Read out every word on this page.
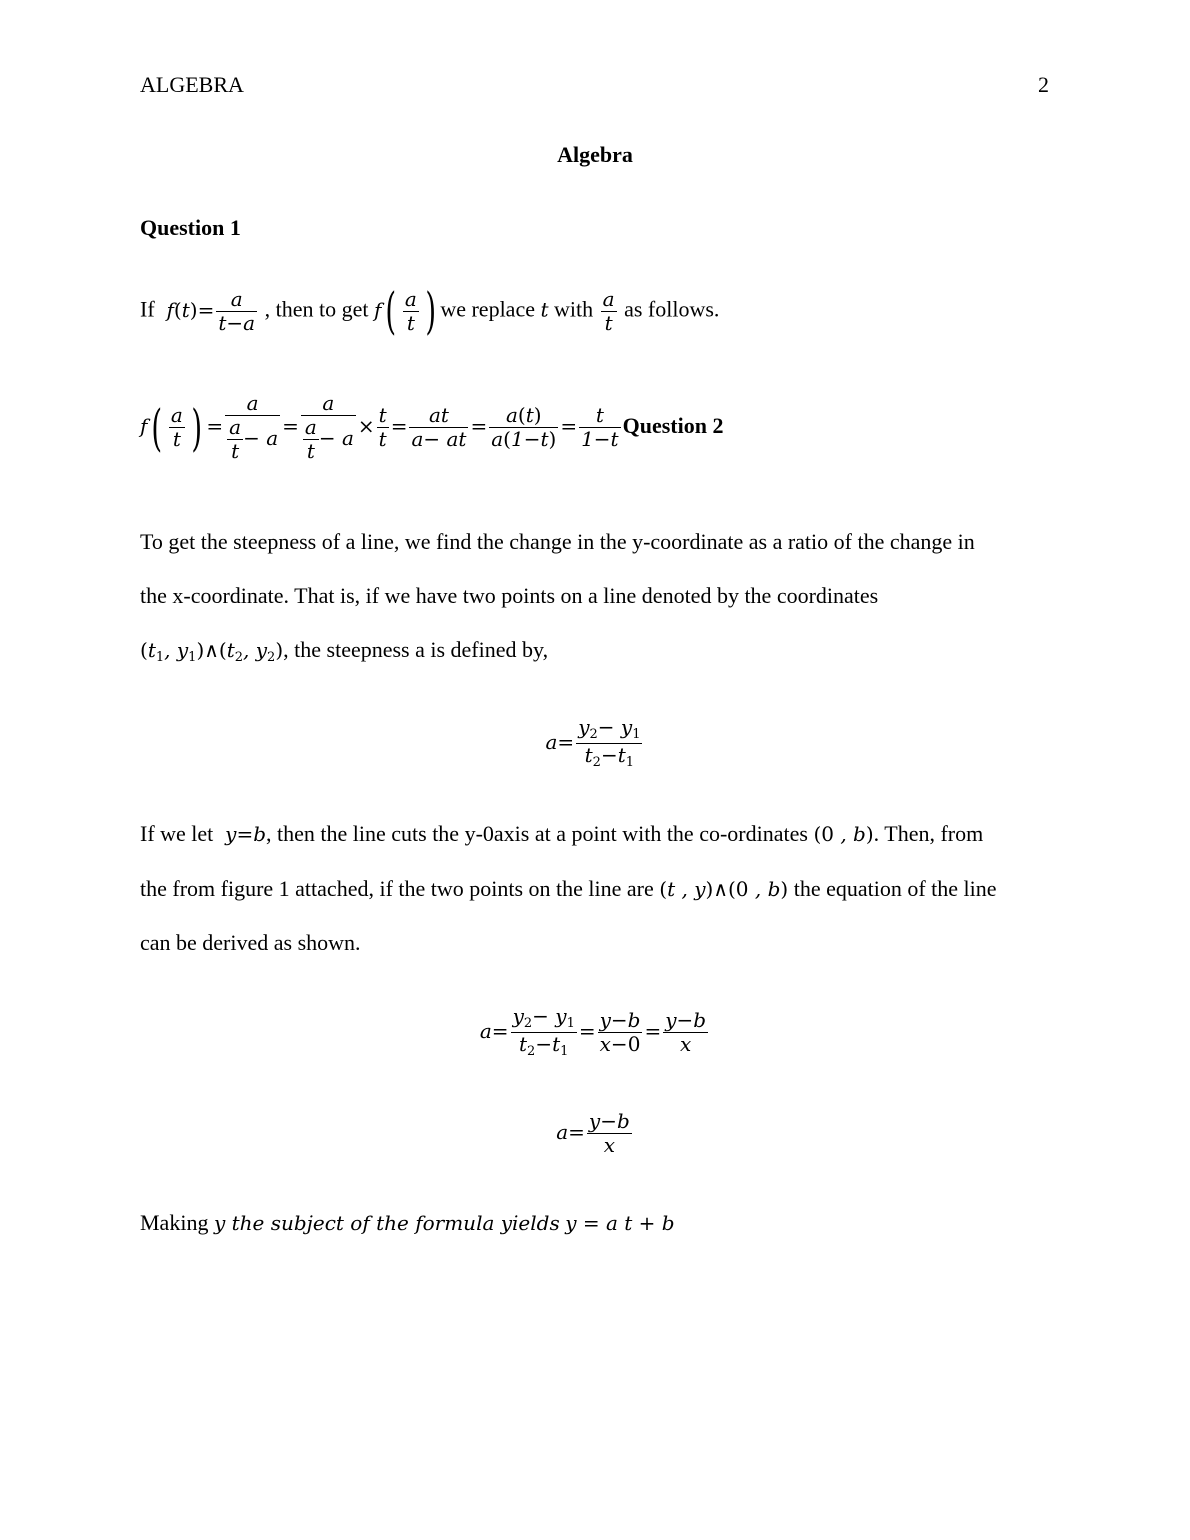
ALGEBRA	2
Algebra
Question 1
If  $f(t)= \frac{a}{t-a}$ , then to get $f( \frac{a}{t}$ ) we replace t with $\frac{a}{t}$ as follows.
$f( \frac{a}{t}$ ) = $\frac{a}{\frac{a}{t} - a} = \frac{a}{\frac{a}{t} - a} \times \frac{t}{t} = \frac{at}{a- at} = \frac{a(t)}{a(1-t)} = \frac{t}{1-t}$ Question 2
To get the steepness of a line, we find the change in the y-coordinate as a ratio of the change in
the x-coordinate. That is, if we have two points on a line denoted by the coordinates
($t_1$, $y_1)\wedge(t_2$, $y_2$), the steepness a is defined by,
$a= \frac{y_2- y_1}{t_2-t_1}$
If we let  y=b, then the line cuts the y-0axis at a point with the co-ordinates (0 , b). Then, from
the from figure 1 attached, if the two points on the line are (t , y)∧(0 , b) the equation of the line
can be derived as shown.
$a= \frac{y_2- y_1}{t_2-t_1} = \frac{y-b}{x-0} = \frac{y-b}{x}$
$a= \frac{y-b}{x}$
Making y the subject of the formula yields y = a t + b
